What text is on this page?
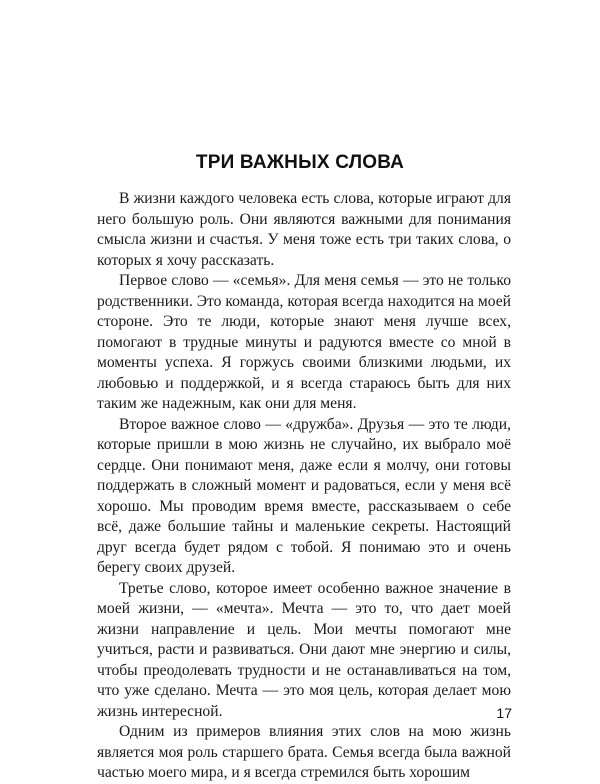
ТРИ ВАЖНЫХ СЛОВА

В жизни каждого человека есть слова, которые играют для него большую роль. Они являются важными для понимания смысла жизни и счастья. У меня тоже есть три таких слова, о которых я хочу рассказать.

Первое слово — «семья». Для меня семья — это не только родственники. Это команда, которая всегда находится на моей стороне. Это те люди, которые знают меня лучше всех, помогают в трудные минуты и радуются вместе со мной в моменты успеха. Я горжусь своими близкими людьми, их любовью и поддержкой, и я всегда стараюсь быть для них таким же надежным, как они для меня.

Второе важное слово — «дружба». Друзья — это те люди, которые пришли в мою жизнь не случайно, их выбрало моё сердце. Они понимают меня, даже если я молчу, они готовы поддержать в сложный момент и радоваться, если у меня всё хорошо. Мы проводим время вместе, рассказываем о себе всё, даже большие тайны и маленькие секреты. Настоящий друг всегда будет рядом с тобой. Я понимаю это и очень берегу своих друзей.

Третье слово, которое имеет особенно важное значение в моей жизни, — «мечта». Мечта — это то, что дает моей жизни направление и цель. Мои мечты помогают мне учиться, расти и развиваться. Они дают мне энергию и силы, чтобы преодолевать трудности и не останавливаться на том, что уже сделано. Мечта — это моя цель, которая делает мою жизнь интересной.

Одним из примеров влияния этих слов на мою жизнь является моя роль старшего брата. Семья всегда была важной частью моего мира, и я всегда стремился быть хорошим

17
